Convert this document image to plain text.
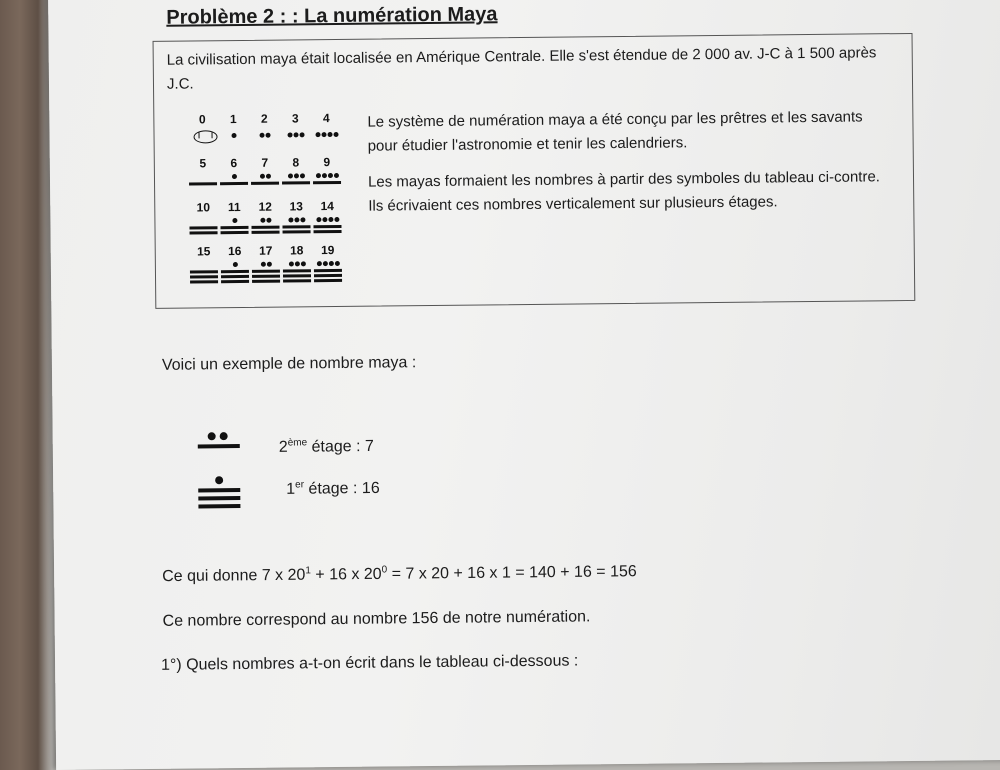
Problème 2 : : La numération Maya
La civilisation maya était localisée en Amérique Centrale. Elle s'est étendue de 2 000 av. J-C à 1 500 après J.C.
0	1	2	3	4
5	6	7	8	9
10	11	12	13	14
15	16	17	18	19
Le système de numération maya a été conçu par les prêtres et les savants pour étudier l'astronomie et tenir les calendriers.
Les mayas formaient les nombres à partir des symboles du tableau ci-contre. Ils écrivaient ces nombres verticalement sur plusieurs étages.
Voici un exemple de nombre maya :
2ème étage : 7
1er étage : 16
Ce qui donne 7 x $20^1 + 16$ x $20^0 = 7$ x 20 + 16 x 1 = 140 + 16 = 156
Ce nombre correspond au nombre 156 de notre numération.
1°) Quels nombres a-t-on écrit dans le tableau ci-dessous :
